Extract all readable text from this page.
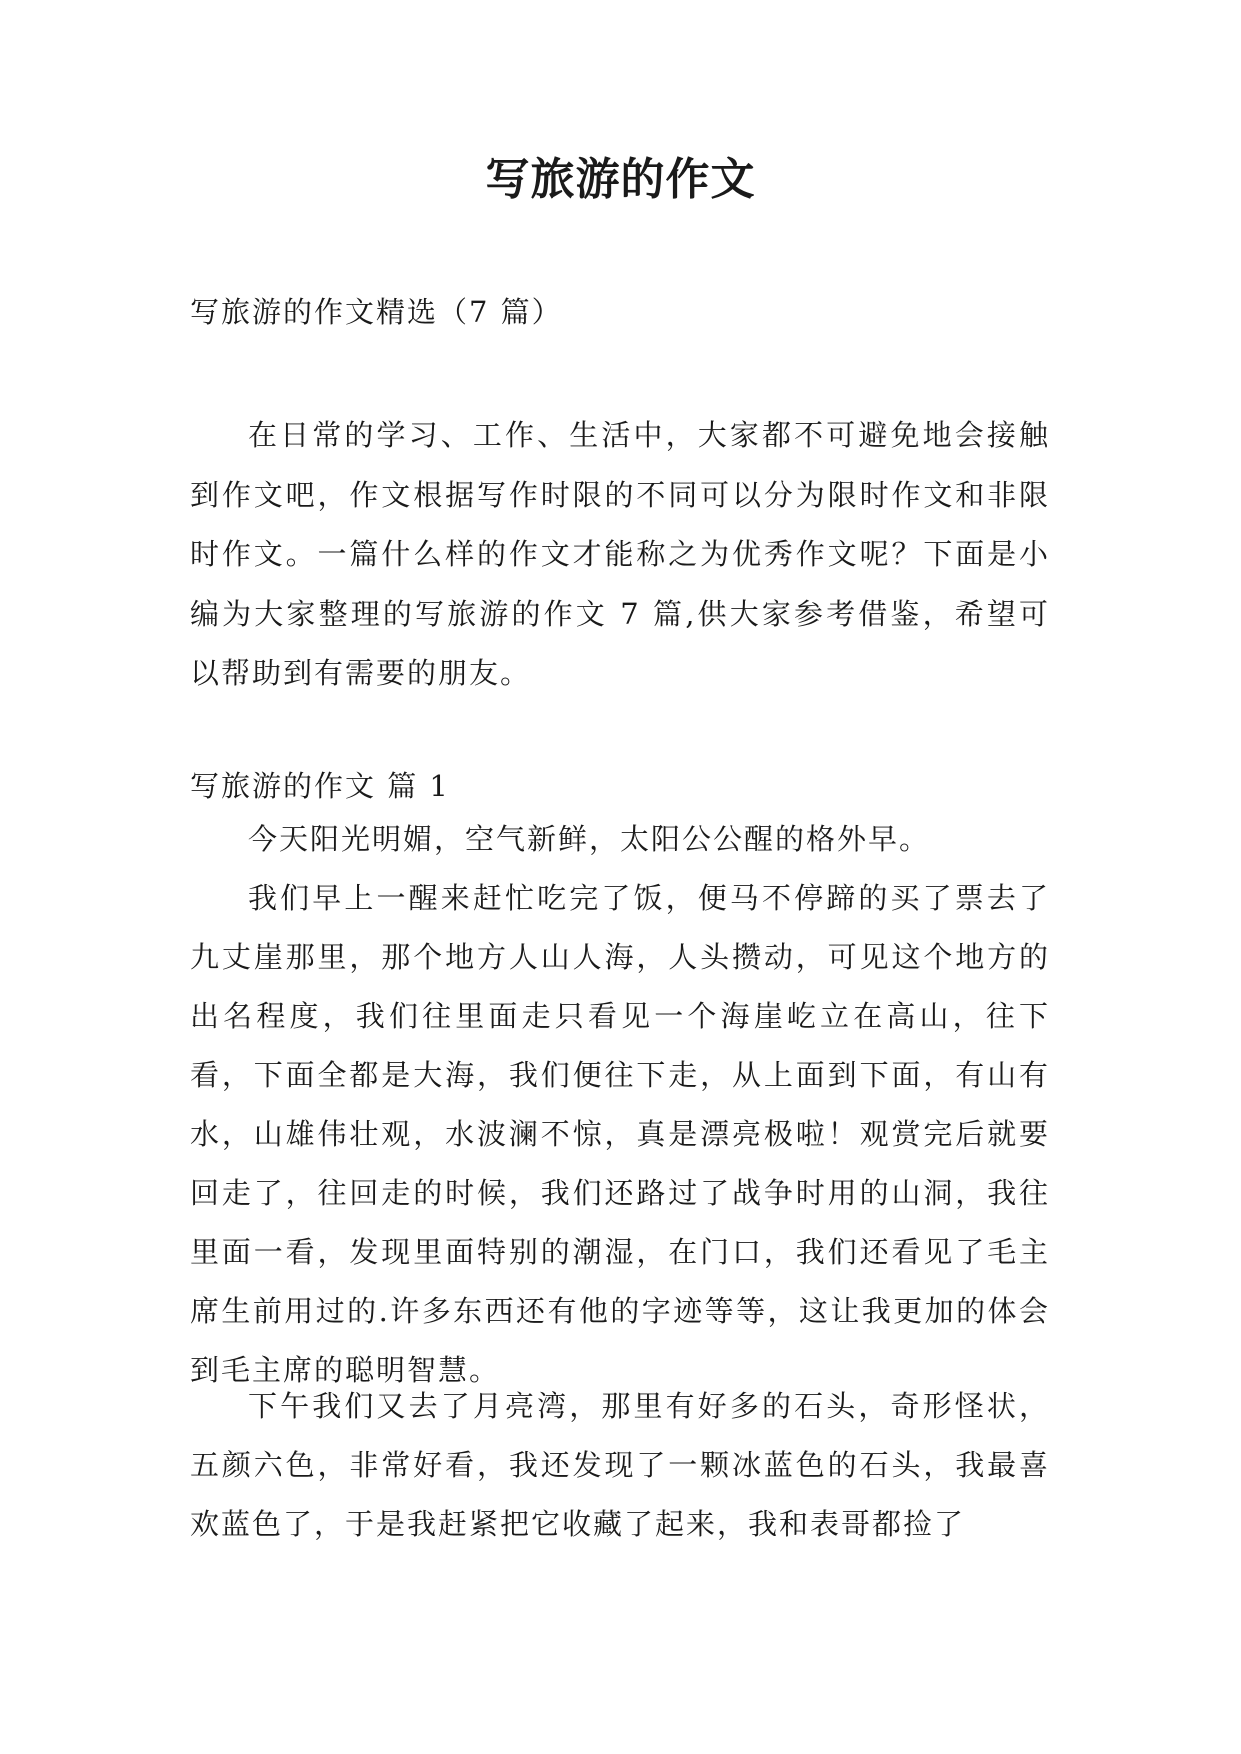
写旅游的作文
写旅游的作文精选（7 篇）

在日常的学习、工作、生活中，大家都不可避免地会接触到作文吧，作文根据写作时限的不同可以分为限时作文和非限时作文。一篇什么样的作文才能称之为优秀作文呢？下面是小编为大家整理的写旅游的作文 7 篇,供大家参考借鉴，希望可以帮助到有需要的朋友。

写旅游的作文 篇 1

今天阳光明媚，空气新鲜，太阳公公醒的格外早。

我们早上一醒来赶忙吃完了饭，便马不停蹄的买了票去了九丈崖那里，那个地方人山人海，人头攒动，可见这个地方的出名程度，我们往里面走只看见一个海崖屹立在高山，往下看，下面全都是大海，我们便往下走，从上面到下面，有山有水，山雄伟壮观，水波澜不惊，真是漂亮极啦！观赏完后就要回走了，往回走的时候，我们还路过了战争时用的山洞，我往里面一看，发现里面特别的潮湿，在门口，我们还看见了毛主席生前用过的.许多东西还有他的字迹等等，这让我更加的体会到毛主席的聪明智慧。

下午我们又去了月亮湾，那里有好多的石头，奇形怪状，五颜六色，非常好看，我还发现了一颗冰蓝色的石头，我最喜欢蓝色了，于是我赶紧把它收藏了起来，我和表哥都捡了
